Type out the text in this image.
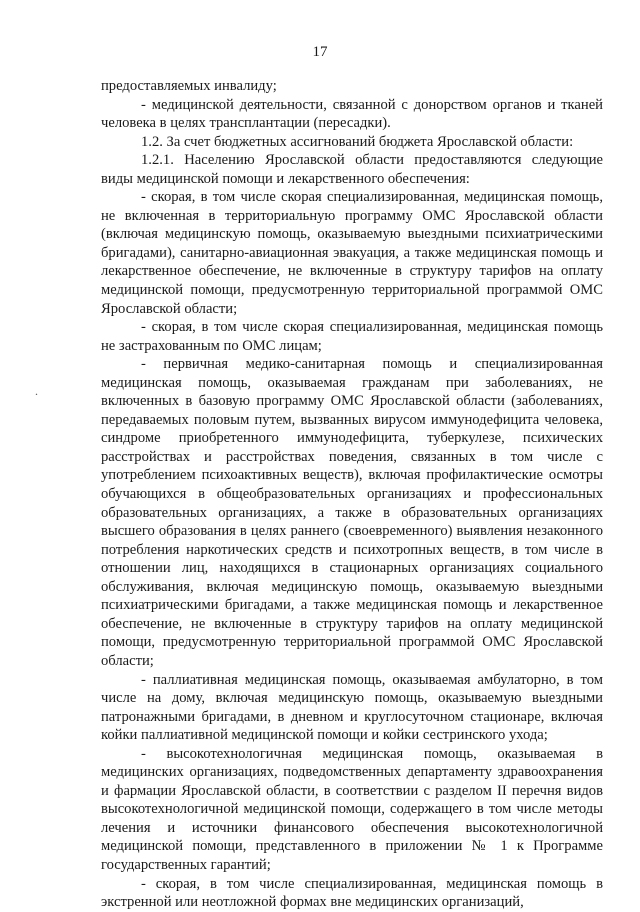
17
.

предоставляемых инвалиду;

- медицинской деятельности, связанной с донорством органов и тканей человека в целях трансплантации (пересадки).

1.2. За счет бюджетных ассигнований бюджета Ярославской области:

1.2.1. Населению Ярославской области предоставляются следующие виды медицинской помощи и лекарственного обеспечения:

- скорая, в том числе скорая специализированная, медицинская помощь, не включенная в территориальную программу ОМС Ярославской области (включая медицинскую помощь, оказываемую выездными психиатрическими бригадами), санитарно-авиационная эвакуация, а также медицинская помощь и лекарственное обеспечение, не включенные в структуру тарифов на оплату медицинской помощи, предусмотренную территориальной программой ОМС Ярославской области;

- скорая, в том числе скорая специализированная, медицинская помощь не застрахованным по ОМС лицам;

- первичная медико-санитарная помощь и специализированная медицинская помощь, оказываемая гражданам при заболеваниях, не включенных в базовую программу ОМС Ярославской области (заболеваниях, передаваемых половым путем, вызванных вирусом иммунодефицита человека, синдроме приобретенного иммунодефицита, туберкулезе, психических расстройствах и расстройствах поведения, связанных в том числе с употреблением психоактивных веществ), включая профилактические осмотры обучающихся в общеобразовательных организациях и профессиональных образовательных организациях, а также в образовательных организациях высшего образования в целях раннего (своевременного) выявления незаконного потребления наркотических средств и психотропных веществ, в том числе в отношении лиц, находящихся в стационарных организациях социального обслуживания, включая медицинскую помощь, оказываемую выездными психиатрическими бригадами, а также медицинская помощь и лекарственное обеспечение, не включенные в структуру тарифов на оплату медицинской помощи, предусмотренную территориальной программой ОМС Ярославской области;

- паллиативная медицинская помощь, оказываемая амбулаторно, в том числе на дому, включая медицинскую помощь, оказываемую выездными патронажными бригадами, в дневном и круглосуточном стационаре, включая койки паллиативной медицинской помощи и койки сестринского ухода;

- высокотехнологичная медицинская помощь, оказываемая в медицинских организациях, подведомственных департаменту здравоохранения и фармации Ярославской области, в соответствии с разделом II перечня видов высокотехнологичной медицинской помощи, содержащего в том числе методы лечения и источники финансового обеспечения высокотехнологичной медицинской помощи, представленного в приложении № 1 к Программе государственных гарантий;

- скорая, в том числе специализированная, медицинская помощь в экстренной или неотложной формах вне медицинских организаций,
